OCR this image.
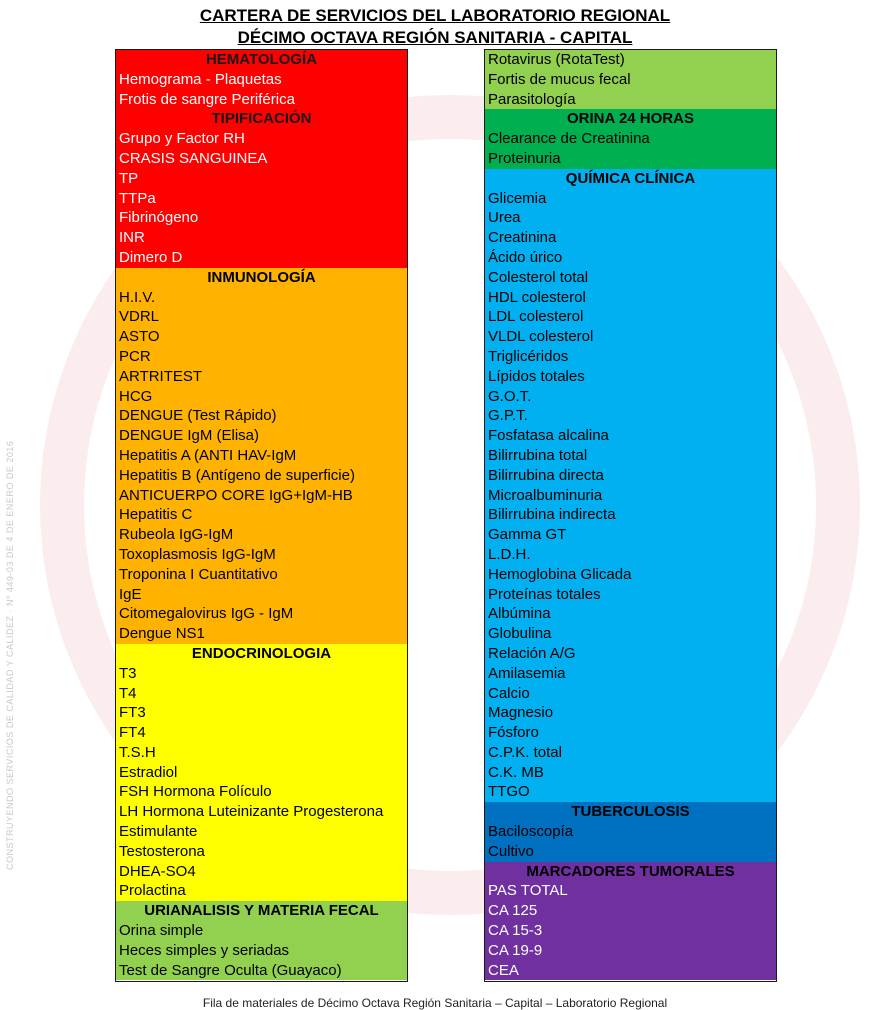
CONSTRUYENDO SERVICIOS DE CALIDAD Y CALIDEZ · Nº 449-03 DE 4 DE ENERO DE 2016
CARTERA DE SERVICIOS DEL LABORATORIO REGIONAL
DÉCIMO OCTAVA REGIÓN SANITARIA - CAPITAL
HEMATOLOGÍA
Hemograma - Plaquetas
Frotis de sangre Periférica
TIPIFICACIÓN
Grupo y Factor RH
CRASIS SANGUINEA
TP
TTPa
Fibrinógeno
INR
Dimero D
INMUNOLOGÍA
H.I.V.
VDRL
ASTO
PCR
ARTRITEST
HCG
DENGUE (Test Rápido)
DENGUE IgM (Elisa)
Hepatitis A (ANTI HAV-IgM
Hepatitis B (Antígeno de superficie)
ANTICUERPO CORE IgG+IgM-HB
Hepatitis C
Rubeola IgG-IgM
Toxoplasmosis IgG-IgM
Troponina I Cuantitativo
IgE
Citomegalovirus IgG - IgM
Dengue NS1
ENDOCRINOLOGIA
T3
T4
FT3
FT4
T.S.H
Estradiol
FSH Hormona Folículo
LH Hormona Luteinizante Progesterona
Estimulante
Testosterona
DHEA-SO4
Prolactina
URIANALISIS Y MATERIA FECAL
Orina simple
Heces simples y seriadas
Test de Sangre Oculta (Guayaco)
Rotavirus (RotaTest)
Fortis de mucus fecal
Parasitología
ORINA 24 HORAS
Clearance de Creatinina
Proteinuria
QUÍMICA CLÍNICA
Glicemia
Urea
Creatinina
Ácido úrico
Colesterol total
HDL colesterol
LDL colesterol
VLDL colesterol
Triglicéridos
Lípidos totales
G.O.T.
G.P.T.
Fosfatasa alcalina
Bilirrubina total
Bilirrubina directa
Microalbuminuria
Bilirrubina indirecta
Gamma GT
L.D.H.
Hemoglobina Glicada
Proteínas totales
Albúmina
Globulina
Relación A/G
Amilasemia
Calcio
Magnesio
Fósforo
C.P.K. total
C.K. MB
TTGO
TUBERCULOSIS
Baciloscopía
Cultivo
MARCADORES TUMORALES
PAS TOTAL
CA 125
CA 15-3
CA 19-9
CEA
Fila de materiales de Décimo Octava Región Sanitaria – Capital – Laboratorio Regional
